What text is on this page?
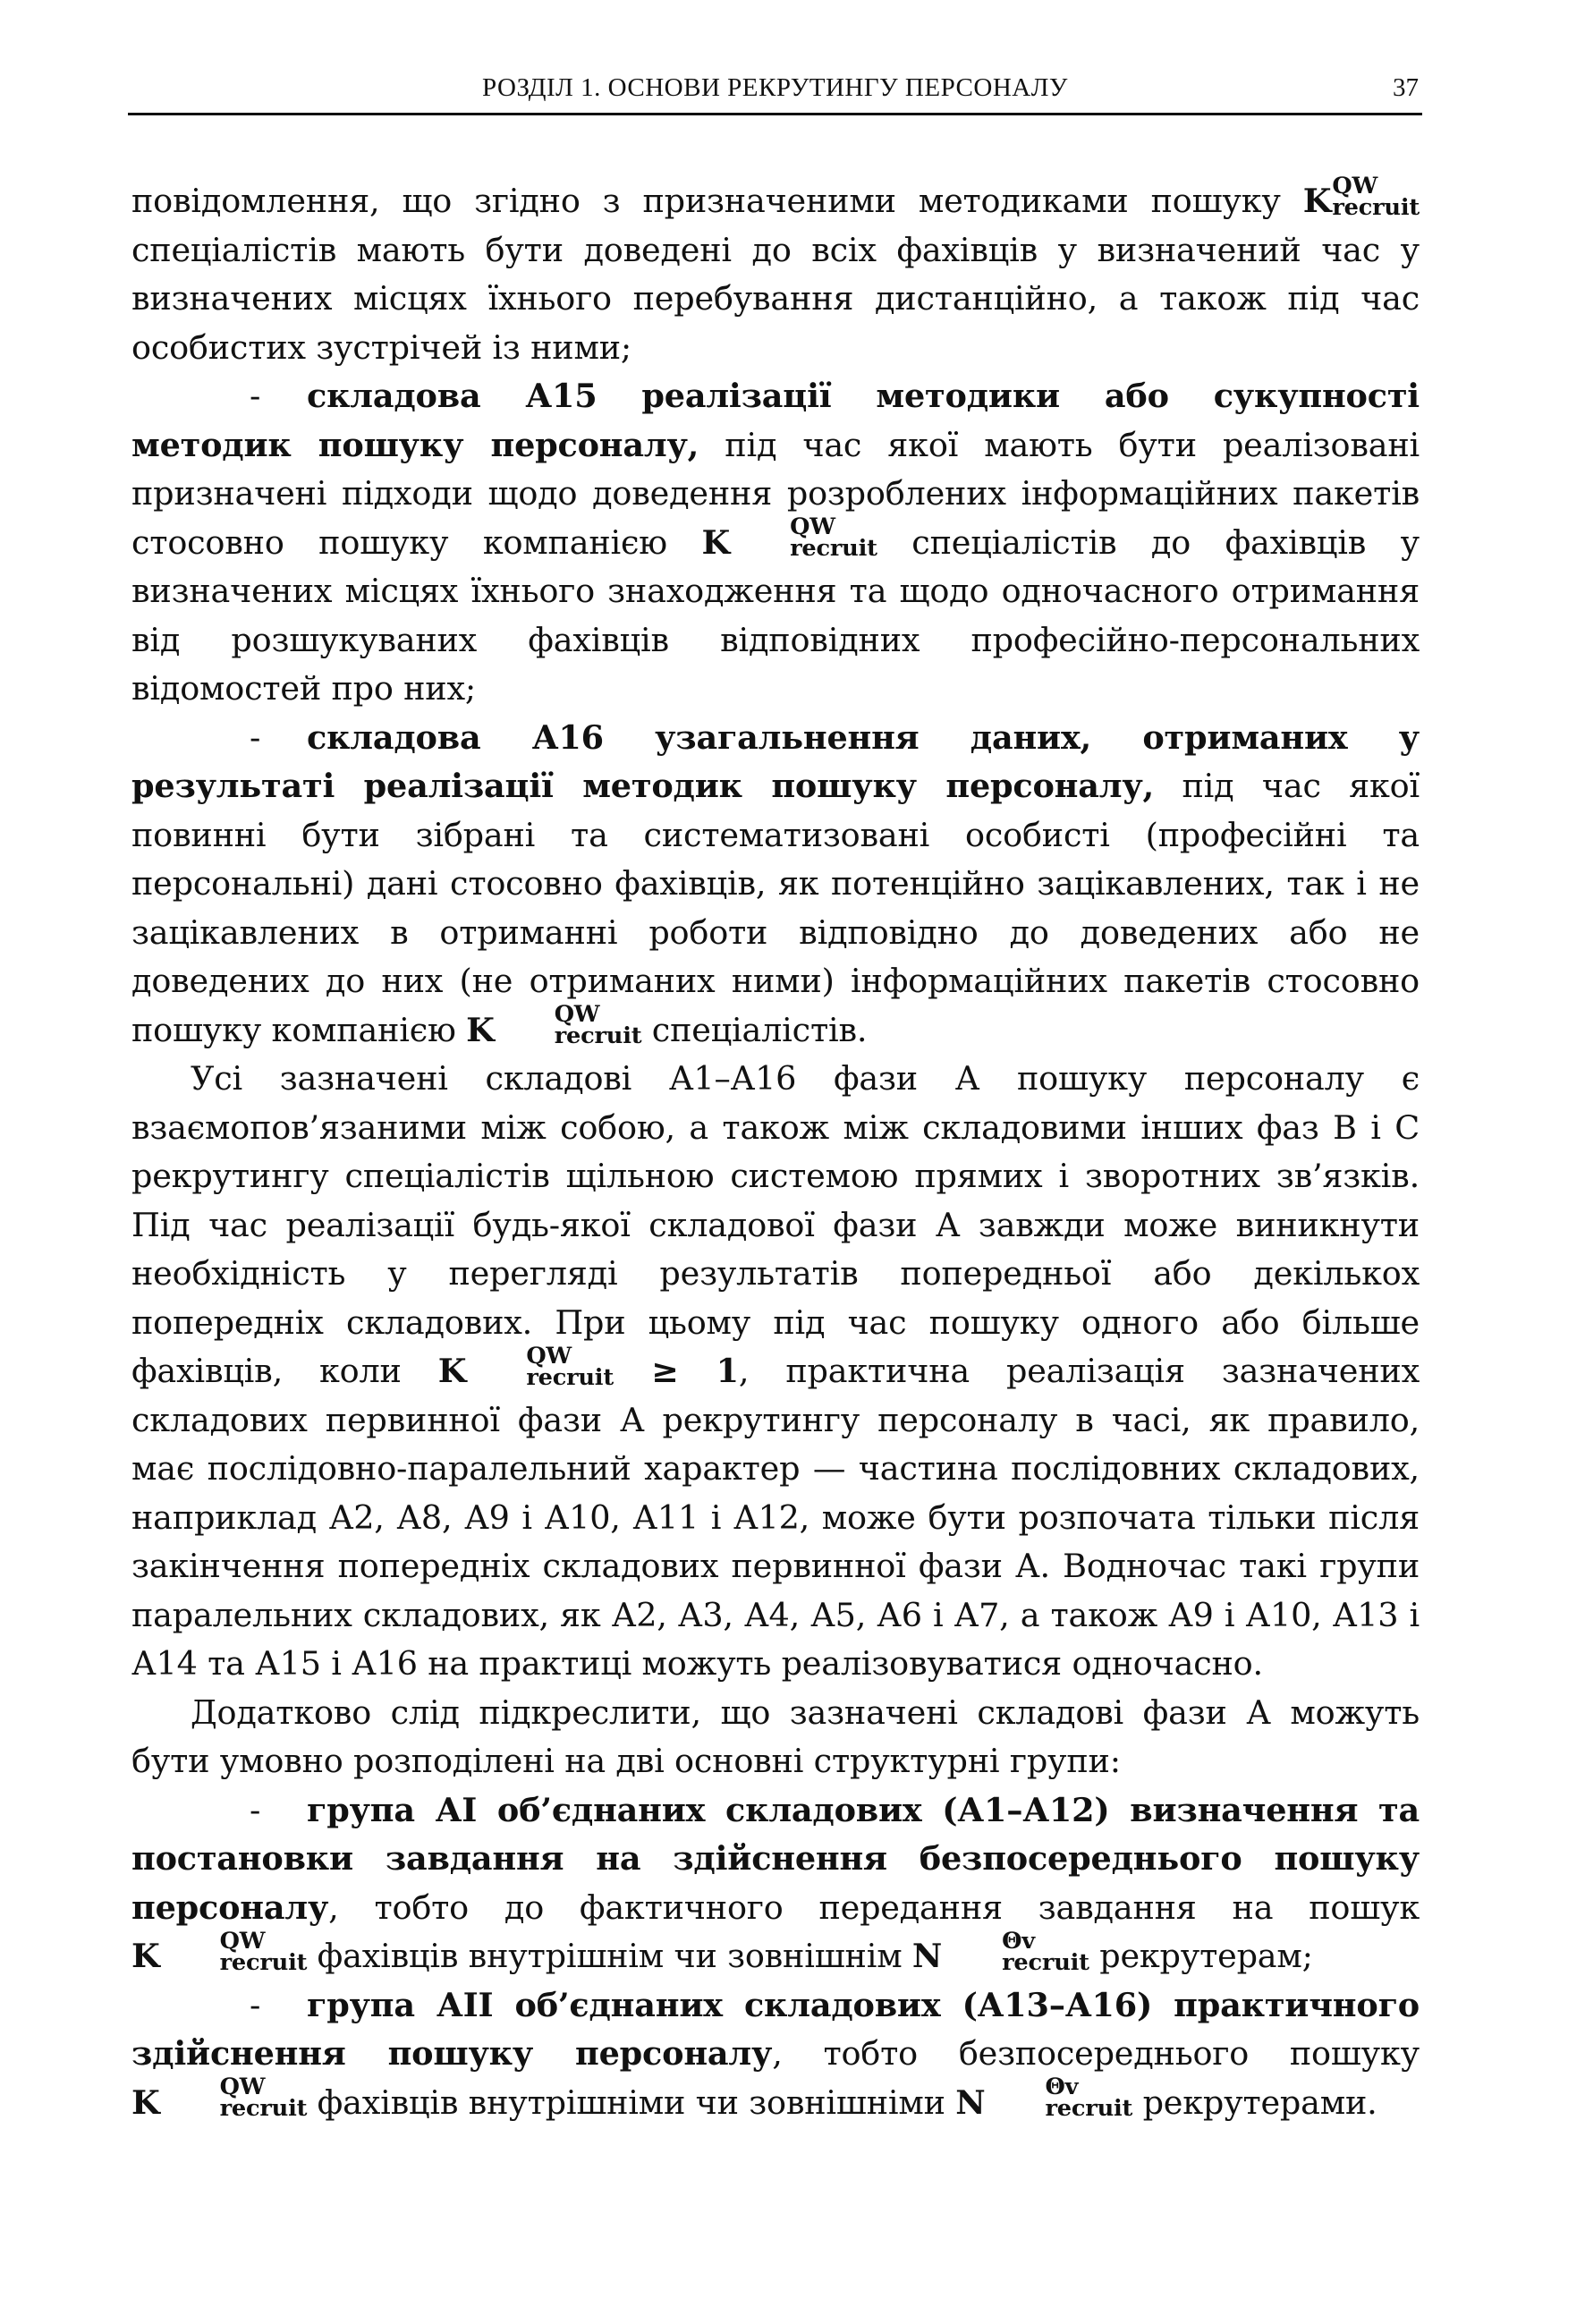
РОЗДІЛ 1. ОСНОВИ РЕКРУТИНГУ ПЕРСОНАЛУ	37

повідомлення, що згідно з призначеними методиками пошуку K QW
recruit
спеціалістів мають бути доведені до всіх фахівців у визначений час у визначених місцях їхнього перебування дистанційно, а також під час особистих зустрічей із ними;

- складова А15 реалізації методики або сукупності методик пошуку персоналу, під час якої мають бути реалізовані призначені підходи щодо доведення розроблених інформаційних пакетів стосовно пошуку компанією K	QW
recruit спеціалістів до фахівців у визначених місцях їхнього знаходження та щодо одночасного отримання від розшукуваних фахівців відповідних професійно-персональних відомостей про них;

- складова А16 узагальнення даних, отриманих у результаті реалізації методик пошуку персоналу, під час якої повинні бути зібрані та систематизовані особисті (професійні та персональні) дані стосовно фахівців, як потенційно зацікавлених, так і не зацікавлених в отриманні роботи відповідно до доведених або не доведених до них (не отриманих ними) інформаційних пакетів стосовно пошуку компанією K	QW
recruit спеціалістів.

Усі зазначені складові А1–А16 фази А пошуку персоналу є взаємопов’язаними між собою, а також між складовими інших фаз В і С рекрутингу спеціалістів щільною системою прямих і зворотних зв’язків. Під час реалізації будь-якої складової фази А завжди може виникнути необхідність у перегляді результатів попередньої або декількох попередніх складових. При цьому під час пошуку одного або більше фахівців, коли K	QW
recruit ≥ 1, практична реалізація зазначених складових первинної фази А рекрутингу персоналу в часі, як правило, має послідовно-паралельний характер — частина послідовних складових, наприклад А2, А8, А9 і А10, А11 і А12, може бути розпочата тільки після закінчення попередніх складових первинної фази А. Водночас такі групи паралельних складових, як А2, А3, А4, А5, А6 і А7, а також А9 і А10, А13 і А14 та А15 і А16 на практиці можуть реалізовуватися одночасно.

Додатково слід підкреслити, що зазначені складові фази А можуть бути умовно розподілені на дві основні структурні групи:

- група АІ об’єднаних складових (А1–А12) визначення та постановки завдання на здійснення безпосереднього пошуку персоналу, тобто до фактичного передання завдання на пошук K	QW
recruit фахівців внутрішнім чи зовнішнім N	Θv
recruit рекрутерам;

- група АІІ об’єднаних складових (А13–А16) практичного здійснення пошуку персоналу, тобто безпосереднього пошуку K	QW
recruit фахівців внутрішніми чи зовнішніми N	Θv
recruit рекрутерами.
